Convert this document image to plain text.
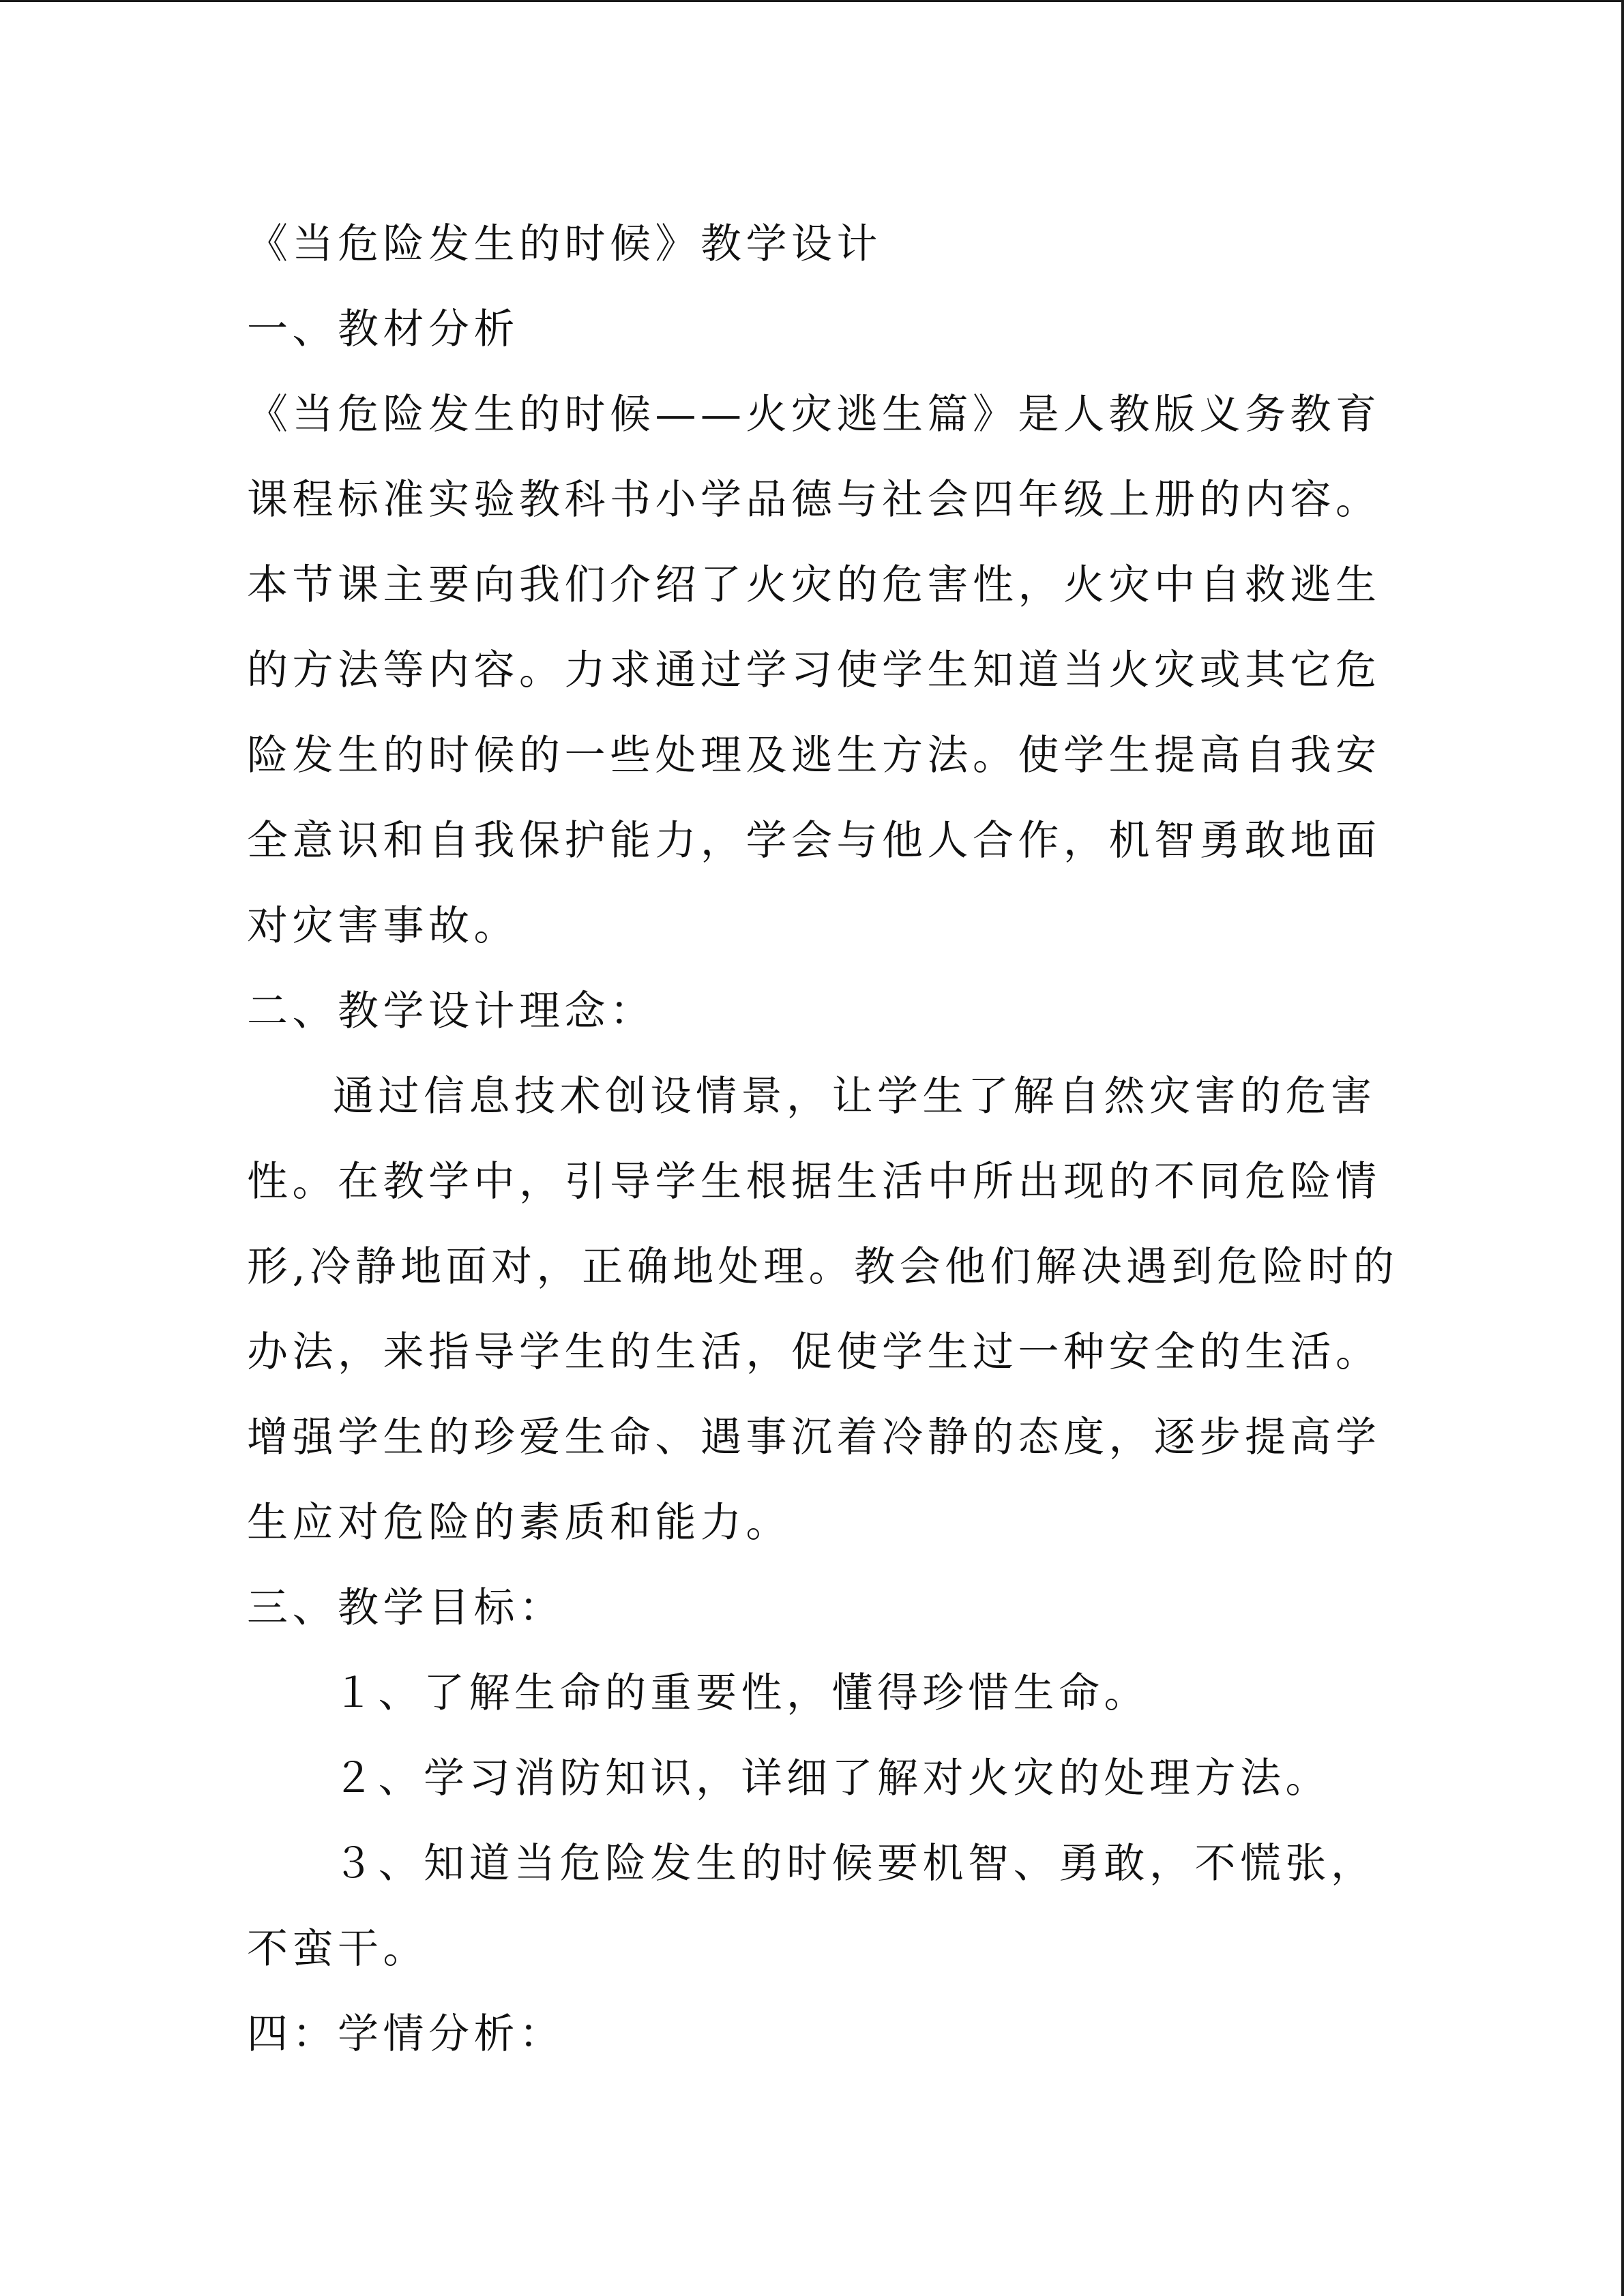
《当危险发生的时候》教学设计

一、教材分析

《当危险发生的时候——火灾逃生篇》是人教版义务教育

课程标准实验教科书小学品德与社会四年级上册的内容。

本节课主要向我们介绍了火灾的危害性，火灾中自救逃生

的方法等内容。力求通过学习使学生知道当火灾或其它危

险发生的时候的一些处理及逃生方法。使学生提高自我安

全意识和自我保护能力，学会与他人合作，机智勇敢地面

对灾害事故。

二、教学设计理念：

通过信息技术创设情景，让学生了解自然灾害的危害

性。在教学中，引导学生根据生活中所出现的不同危险情

形,冷静地面对，正确地处理。教会他们解决遇到危险时的

办法，来指导学生的生活，促使学生过一种安全的生活。

增强学生的珍爱生命、遇事沉着冷静的态度，逐步提高学

生应对危险的素质和能力。

三、教学目标：

１、了解生命的重要性，懂得珍惜生命。

２、学习消防知识，详细了解对火灾的处理方法。

３、知道当危险发生的时候要机智、勇敢，不慌张，

不蛮干。

四：学情分析：
